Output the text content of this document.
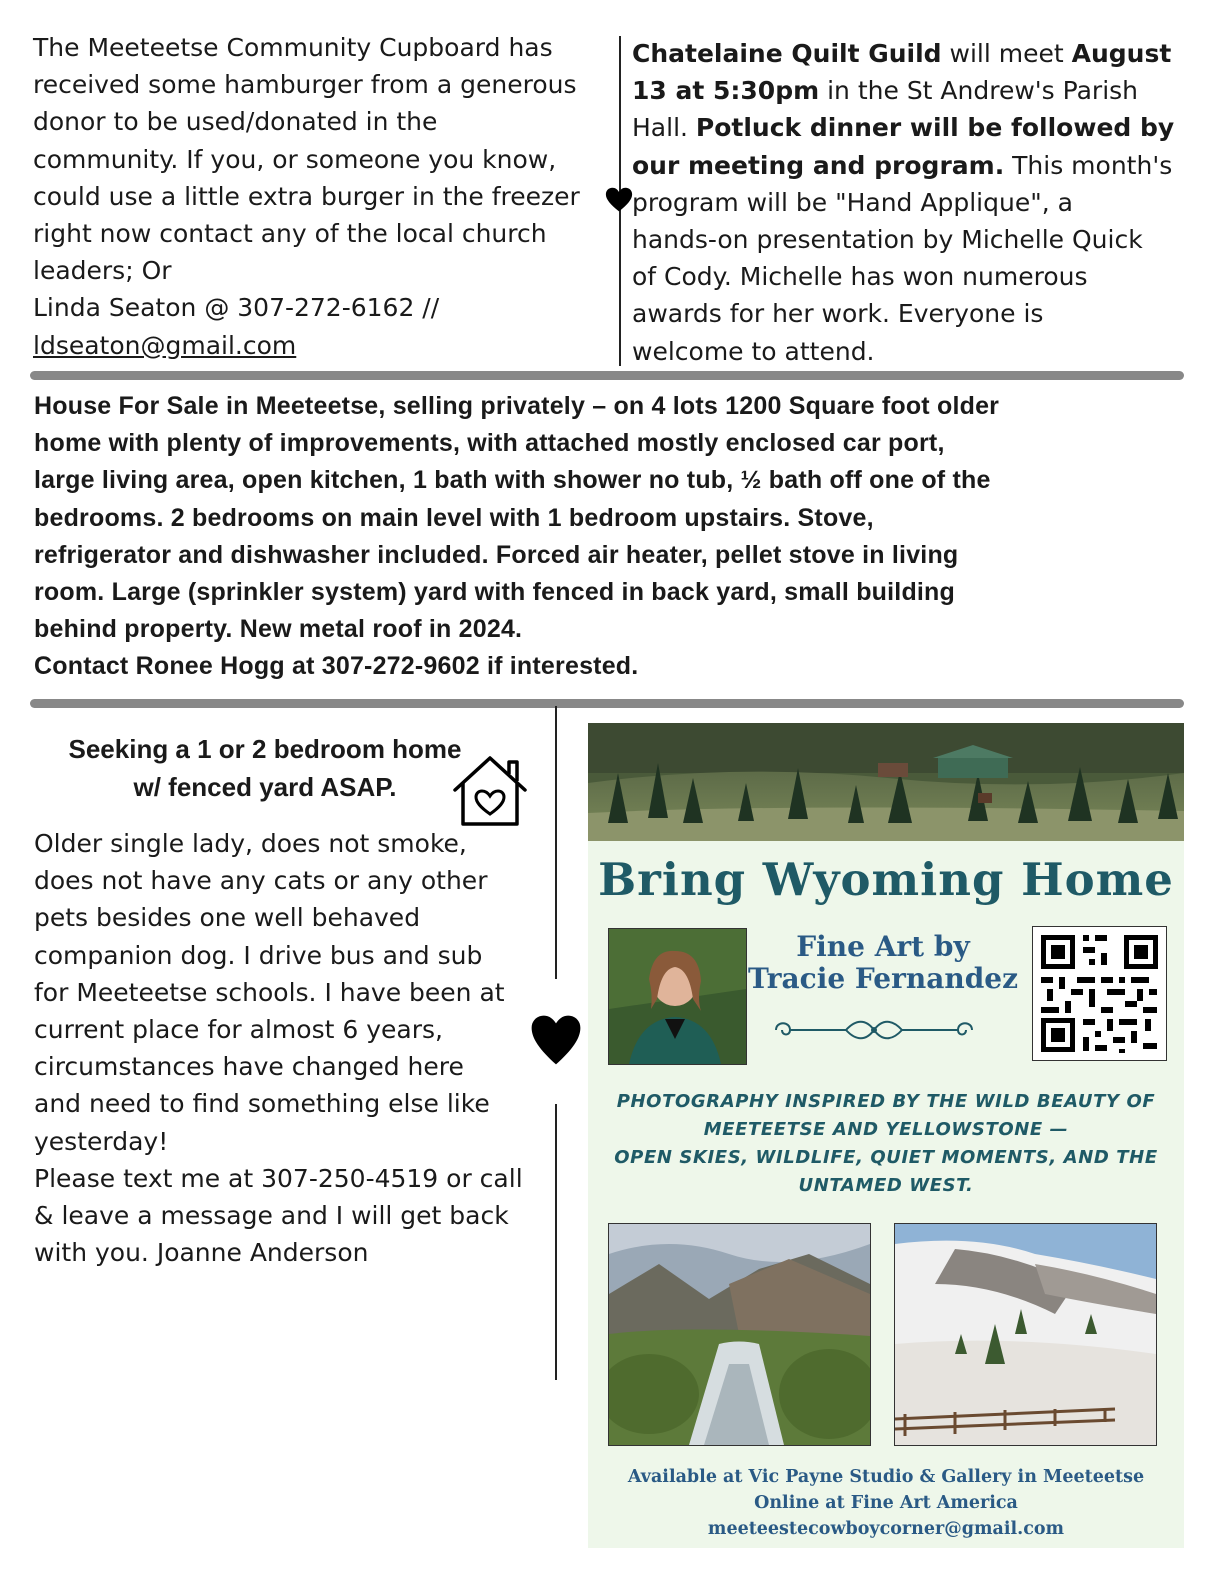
The Meeteetse Community Cupboard has
received some hamburger from a generous
donor to be used/donated in the
community. If you, or someone you know,
could use a little extra burger in the freezer
right now contact any of the local church
leaders; Or
Linda Seaton @ 307-272-6162 //
ldseaton@gmail.com
Chatelaine Quilt Guild will meet August
13 at 5:30pm in the St Andrew's Parish
Hall. Potluck dinner will be followed by
our meeting and program. This month's
program will be "Hand Applique", a
hands-on presentation by Michelle Quick
of Cody. Michelle has won numerous
awards for her work. Everyone is
welcome to attend.
House For Sale in Meeteetse, selling privately – on 4 lots 1200 Square foot older
home with plenty of improvements, with attached mostly enclosed car port,
large living area, open kitchen, 1 bath with shower no tub, ½ bath off one of the
bedrooms. 2 bedrooms on main level with 1 bedroom upstairs. Stove,
refrigerator and dishwasher included. Forced air heater, pellet stove in living
room. Large (sprinkler system) yard with fenced in back yard, small building
behind property. New metal roof in 2024.
Contact Ronee Hogg at 307-272-9602 if interested.
Seeking a 1 or 2 bedroom home
w/ fenced yard ASAP.
Older single lady, does not smoke,
does not have any cats or any other
pets besides one well behaved
companion dog. I drive bus and sub
for Meeteetse schools. I have been at
current place for almost 6 years,
circumstances have changed here
and need to find something else like
yesterday!
Please text me at 307-250-4519 or call
& leave a message and I will get back
with you. Joanne Anderson
Bring Wyoming Home
Fine Art by
Tracie Fernandez
PHOTOGRAPHY INSPIRED BY THE WILD BEAUTY OF
MEETEETSE AND YELLOWSTONE —
OPEN SKIES, WILDLIFE, QUIET MOMENTS, AND THE
UNTAMED WEST.
Available at Vic Payne Studio & Gallery in Meeteetse
Online at Fine Art America
meeteestecowboycorner@gmail.com
